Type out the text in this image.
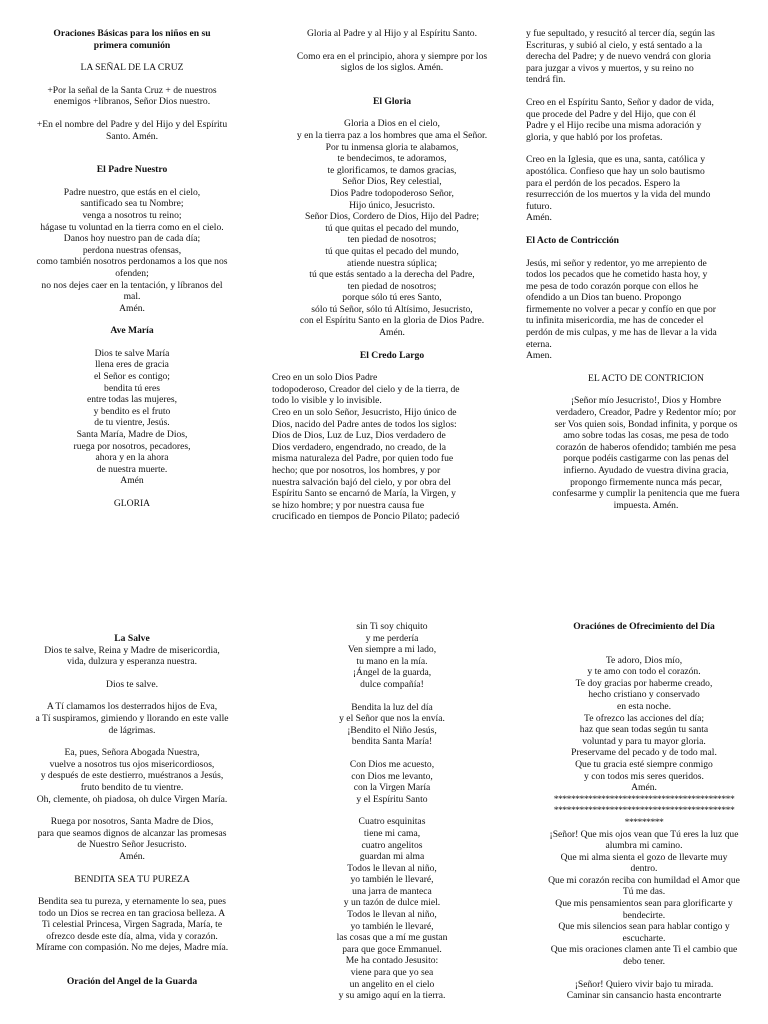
Oraciones Básicas para los niños en su
primera comunión

LA SEÑAL DE LA CRUZ

+Por la señal de la Santa Cruz + de nuestros
enemigos +líbranos, Señor Dios nuestro.

+En el nombre del Padre y del Hijo y del Espíritu
Santo. Amén.

El Padre Nuestro

Padre nuestro, que estás en el cielo,
santificado sea tu Nombre;
venga a nosotros tu reino;
hágase tu voluntad en la tierra como en el cielo.
Danos hoy nuestro pan de cada día;
perdona nuestras ofensas,
como también nosotros perdonamos a los que nos
ofenden;
no nos dejes caer en la tentación, y líbranos del
mal.
Amén.

Ave María

Dios te salve María
llena eres de gracia
el Señor es contigo;
bendita tú eres
entre todas las mujeres,
y bendito es el fruto
de tu vientre, Jesús.
Santa María, Madre de Dios,
ruega por nosotros, pecadores,
ahora y en la ahora
de nuestra muerte.
Amén

GLORIA

Gloria al Padre y al Hijo y al Espíritu Santo.

Como era en el principio, ahora y siempre por los
siglos de los siglos. Amén.

El Gloria

Gloria a Dios en el cielo,
y en la tierra paz a los hombres que ama el Señor.
Por tu inmensa gloria te alabamos,
te bendecimos, te adoramos,
te glorificamos, te damos gracias,
Señor Dios, Rey celestial,
Dios Padre todopoderoso Señor,
Hijo único, Jesucristo.
Señor Dios, Cordero de Dios, Hijo del Padre;
tú que quitas el pecado del mundo,
ten piedad de nosotros;
tú que quitas el pecado del mundo,
atiende nuestra súplica;
tú que estás sentado a la derecha del Padre,
ten piedad de nosotros;
porque sólo tú eres Santo,
sólo tú Señor, sólo tú Altísimo, Jesucristo,
con el Espíritu Santo en la gloria de Dios Padre.
Amén.

El Credo Largo

Creo en un solo Dios Padre
todopoderoso, Creador del cielo y de la tierra, de
todo lo visible y lo invisible.
Creo en un solo Señor, Jesucristo, Hijo único de
Dios, nacido del Padre antes de todos los siglos:
Dios de Dios, Luz de Luz, Dios verdadero de
Dios verdadero, engendrado, no creado, de la
misma naturaleza del Padre, por quien todo fue
hecho; que por nosotros, los hombres, y por
nuestra salvación bajó del cielo, y por obra del
Espíritu Santo se encarnó de María, la Virgen, y
se hizo hombre; y por nuestra causa fue
crucificado en tiempos de Poncio Pilato; padeció

y fue sepultado, y resucitó al tercer día, según las
Escrituras, y subió al cielo, y está sentado a la
derecha del Padre; y de nuevo vendrá con gloria
para juzgar a vivos y muertos, y su reino no
tendrá fin.

Creo en el Espíritu Santo, Señor y dador de vida,
que procede del Padre y del Hijo, que con él
Padre y el Hijo recibe una misma adoración y
gloria, y que habló por los profetas.

Creo en la Iglesia, que es una, santa, católica y
apostólica. Confieso que hay un solo bautismo
para el perdón de los pecados. Espero la
resurrección de los muertos y la vida del mundo
futuro.
Amén.

El Acto de Contricción

Jesús, mi señor y redentor, yo me arrepiento de
todos los pecados que he cometido hasta hoy, y
me pesa de todo corazón porque con ellos he
ofendido a un Dios tan bueno. Propongo
firmemente no volver a pecar y confío en que por
tu infinita misericordia, me has de conceder el
perdón de mis culpas, y me has de llevar a la vida
eterna.
Amen.

EL ACTO DE CONTRICION

¡Señor mío Jesucristo!, Dios y Hombre
verdadero, Creador, Padre y Redentor mío; por
ser Vos quien sois, Bondad infinita, y porque os
amo sobre todas las cosas, me pesa de todo
corazón de haberos ofendido; también me pesa
porque podéis castigarme con las penas del
infierno. Ayudado de vuestra divina gracia,
propongo firmemente nunca más pecar,
confesarme y cumplir la penitencia que me fuera
impuesta. Amén.

La Salve

Dios te salve, Reina y Madre de misericordia,
vida, dulzura y esperanza nuestra.

Dios te salve.

A Tí clamamos los desterrados hijos de Eva,
a Tí suspiramos, gimiendo y llorando en este valle
de lágrimas.

Ea, pues, Señora Abogada Nuestra,
vuelve a nosotros tus ojos misericordiosos,
y después de este destierro, muéstranos a Jesús,
fruto bendito de tu vientre.
Oh, clemente, oh piadosa, oh dulce Virgen María.

Ruega por nosotros, Santa Madre de Dios,
para que seamos dignos de alcanzar las promesas
de Nuestro Señor Jesucristo.
Amén.

BENDITA SEA TU PUREZA

Bendita sea tu pureza, y eternamente lo sea, pues
todo un Dios se recrea en tan graciosa belleza. A
Ti celestial Princesa, Virgen Sagrada, María, te
ofrezco desde este día, alma, vida y corazón.
Mírame con compasión. No me dejes, Madre mía.

Oración del Angel de la Guarda

sin Ti soy chiquito
y me perdería
Ven siempre a mi lado,
tu mano en la mía.
¡Ángel de la guarda,
dulce compañía!

Bendita la luz del día
y el Señor que nos la envía.
¡Bendito el Niño Jesús,
bendita Santa María!

Con Dios me acuesto,
con Dios me levanto,
con la Virgen María
y el Espíritu Santo

Cuatro esquinitas
tiene mi cama,
cuatro angelitos
guardan mi alma
Todos le llevan al niño,
yo también le llevaré,
una jarra de manteca
y un tazón de dulce miel.
Todos le llevan al niño,
yo también le llevaré,
las cosas que a mí me gustan
para que goce Emmanuel.
Me ha contado Jesusito:
viene para que yo sea
un angelito en el cielo
y su amigo aquí en la tierra.

Oraciónes de Ofrecimiento del Día

Te adoro, Dios mío,
y te amo con todo el corazón.
Te doy gracias por haberme creado,
hecho cristiano y conservado
en esta noche.
Te ofrezco las acciones del día;
haz que sean todas según tu santa
voluntad y para tu mayor gloria.
Preservame del pecado y de todo mal.
Que tu gracia esté siempre conmigo
y con todos mis seres queridos.
Amén.

******************************************
******************************************
*********

¡Señor! Que mis ojos vean que Tú eres la luz que
alumbra mi camino.
Que mi alma sienta el gozo de llevarte muy
dentro.
Que mi corazón reciba con humildad el Amor que
Tú me das.
Que mis pensamientos sean para glorificarte y
bendecirte.
Que mis silencios sean para hablar contigo y
escucharte.
Que mis oraciones clamen ante Ti el cambio que
debo tener.

¡Señor! Quiero vivir bajo tu mirada.
Caminar sin cansancio hasta encontrarte
